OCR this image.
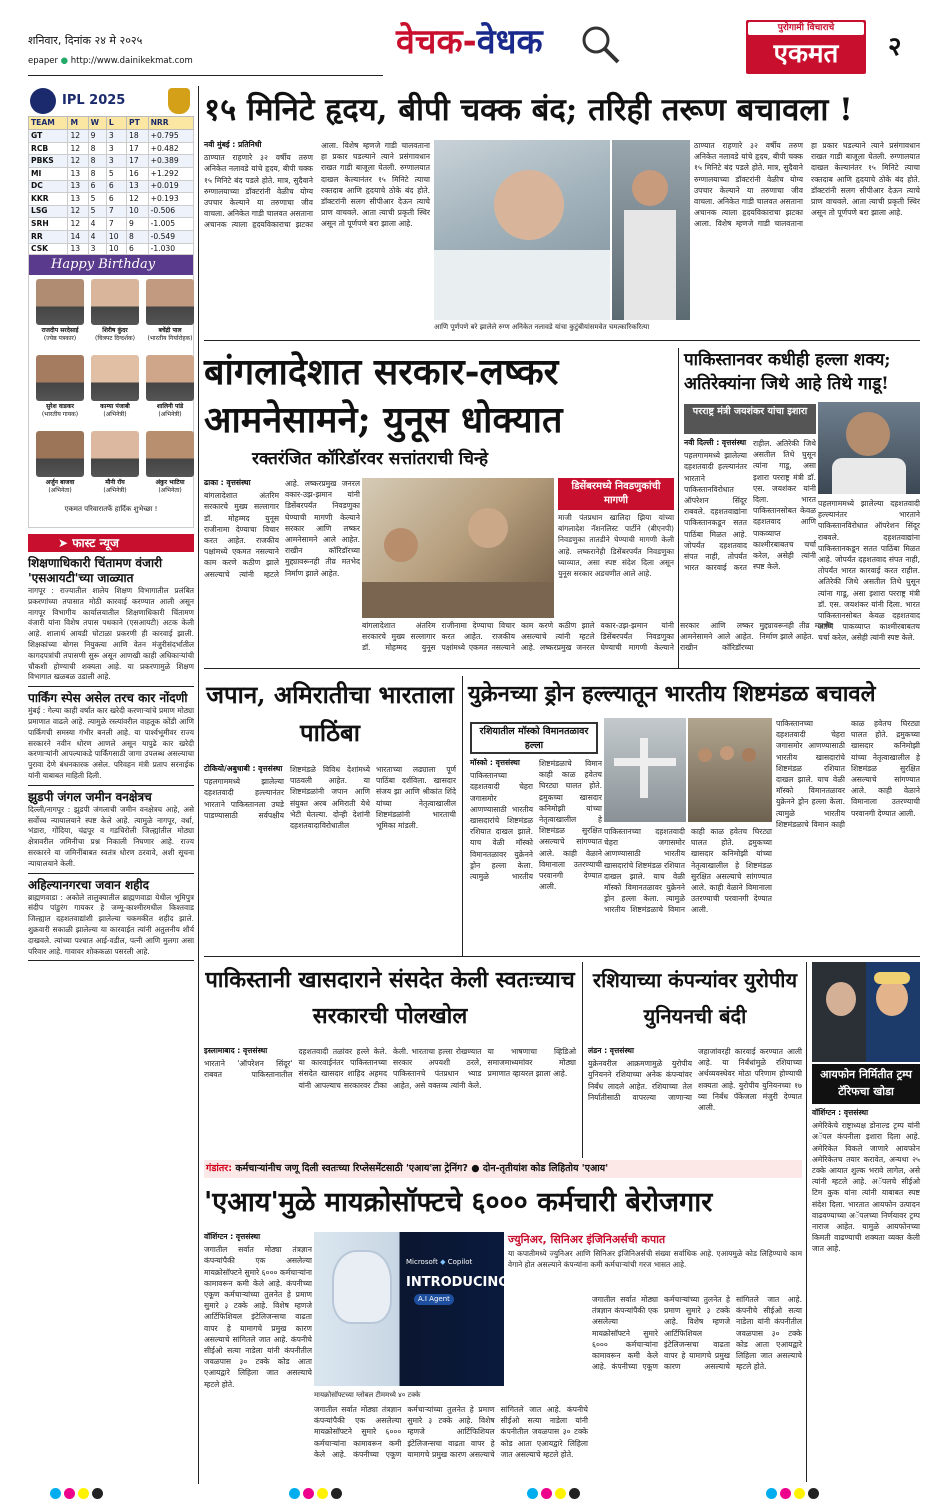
शनिवार, दिनांक २४ मे २०२५	वेचक-वेधक	पुरोगामी विचाराचे
एकमत	२
epaper ● http://www.dainikekmat.com
IPL 2025
TEAM	M	W	L	PT	NRR
GT	12	9	3	18	+0.795
RCB	12	8	3	17	+0.482
PBKS	12	8	3	17	+0.389
MI	13	8	5	16	+1.292
DC	13	6	6	13	+0.019
KKR	13	5	6	12	+0.193
LSG	12	5	7	10	-0.506
SRH	12	4	7	9	-1.005
RR	14	4	10	8	-0.549
CSK	13	3	10	6	-1.030
Happy Birthday
राजदीप सरदेसाई
(ज्येष्ठ पत्रकार)
शिरीष कुंदर
(चित्रपट दिग्दर्शक)
बचेंद्री पाल
(भारतीय गिर्यारोहक)
सुरेश वाडकर
(भारतीय गायक)
काम्या पंजाबी
(अभिनेत्री)
शालिनी पांडे
(अभिनेत्री)
अर्जुन बाजवा
(अभिनेता)
मौनी रॉय
(अभिनेत्री)
अंकुर भाटिया
(अभिनेता)
एकमत परिवारातर्फे हार्दिक शुभेच्छा !
➤ फास्ट न्यूज
शिक्षणाधिकारी चिंतामण वंजारी 'एसआयटी'च्या जाळ्यात
नागपूर : राज्यातील शालेय शिक्षण विभागातील प्रलंबित प्रकरणांच्या तपासात मोठी कारवाई करण्यात आली असून नागपूर विभागीय कार्यालयातील शिक्षणाधिकारी चिंतामण वंजारी यांना विशेष तपास पथकाने (एसआयटी) अटक केली आहे. शालार्थ आयडी घोटाळा प्रकरणी ही कारवाई झाली. शिक्षकांच्या बोगस नियुक्त्या आणि वेतन मंजुरीसंदर्भातील कागदपत्रांची तपासणी सुरू असून आणखी काही अधिकाऱ्यांची चौकशी होण्याची शक्यता आहे. या प्रकरणामुळे शिक्षण विभागात खळबळ उडाली आहे.
पार्किंग स्पेस असेल तरच कार नोंदणी
मुंबई : गेल्या काही वर्षांत कार खरेदी करणाऱ्यांचे प्रमाण मोठ्या प्रमाणात वाढले आहे. त्यामुळे रस्त्यांवरील वाहतूक कोंडी आणि पार्किंगची समस्या गंभीर बनली आहे. या पार्श्वभूमीवर राज्य सरकारने नवीन धोरण आणले असून यापुढे कार खरेदी करणाऱ्यांनी आपल्याकडे पार्किंगसाठी जागा उपलब्ध असल्याचा पुरावा देणे बंधनकारक असेल. परिवहन मंत्री प्रताप सरनाईक यांनी याबाबत माहिती दिली.
झुडपी जंगल जमीन वनक्षेत्रच
दिल्ली/नागपूर : झुडपी जंगलाची जमीन वनक्षेत्रच आहे, असे सर्वोच्च न्यायालयाने स्पष्ट केले आहे. त्यामुळे नागपूर, वर्धा, भंडारा, गोंदिया, चंद्रपूर व गडचिरोली जिल्ह्यांतील मोठ्या क्षेत्रावरील जमिनीचा प्रश्न निकाली निघणार आहे. राज्य सरकारने या जमिनींबाबत स्वतंत्र धोरण ठरवावे, अशी सूचना न्यायालयाने केली.
अहिल्यानगरचा जवान शहीद
ब्राह्मणवाडा : अकोले तालुक्यातील ब्राह्मणवाडा येथील भूमिपुत्र संदीप पांडुरंग गायकर हे जम्मू-काश्मीरमधील किश्तवाड जिल्ह्यात दहशतवाद्यांशी झालेल्या चकमकीत शहीद झाले. शुक्रवारी सकाळी झालेल्या या कारवाईत त्यांनी अतुलनीय शौर्य दाखवले. त्यांच्या पश्चात आई-वडील, पत्नी आणि मुलगा असा परिवार आहे. गावावर शोककळा पसरली आहे.
१५ मिनिटे हृदय, बीपी चक्क बंद; तरिही तरूण बचावला !
नवी मुंबई : प्रतिनिधी
ठाण्यात राहणारे ३२ वर्षीय तरुण अनिकेत नलावडे यांचे हृदय, बीपी चक्क १५ मिनिटे बंद पडले होते. मात्र, सुदैवाने रुग्णालयाच्या डॉक्टरांनी वेळीच योग्य उपचार केल्याने या तरुणाचा जीव वाचला. अनिकेत गाडी चालवत असताना अचानक त्याला हृदयविकाराचा झटका आला. विशेष म्हणजे गाडी चालवताना हा प्रकार घडल्याने त्याने प्रसंगावधान राखत गाडी बाजूला घेतली. रुग्णालयात दाखल केल्यानंतर १५ मिनिटे त्याचा रक्तदाब आणि हृदयाचे ठोके बंद होते. डॉक्टरांनी सलग सीपीआर देऊन त्याचे प्राण वाचवले. आता त्याची प्रकृती स्थिर असून तो पूर्णपणे बरा झाला आहे.
आणि पूर्णपणे बरे झालेले रुग्ण अनिकेत नलावडे यांचा कुटुंबीयांसमवेत चमत्कारिकरित्या
ठाण्यात राहणारे ३२ वर्षीय तरुण अनिकेत नलावडे यांचे हृदय, बीपी चक्क १५ मिनिटे बंद पडले होते. मात्र, सुदैवाने रुग्णालयाच्या डॉक्टरांनी वेळीच योग्य उपचार केल्याने या तरुणाचा जीव वाचला. अनिकेत गाडी चालवत असताना अचानक त्याला हृदयविकाराचा झटका आला. विशेष म्हणजे गाडी चालवताना हा प्रकार घडल्याने त्याने प्रसंगावधान राखत गाडी बाजूला घेतली. रुग्णालयात दाखल केल्यानंतर १५ मिनिटे त्याचा रक्तदाब आणि हृदयाचे ठोके बंद होते. डॉक्टरांनी सलग सीपीआर देऊन त्याचे प्राण वाचवले. आता त्याची प्रकृती स्थिर असून तो पूर्णपणे बरा झाला आहे.
बांगलादेशात सरकार-लष्कर आमनेसामने; युनूस धोक्यात
रक्तरंजित कॉरिडॉरवर सत्तांतराची चिन्हे
ढाका : वृत्तसंस्था
बांगलादेशात अंतरिम सरकारचे मुख्य सल्लागार डॉ. मोहम्मद युनूस राजीनामा देण्याचा विचार करत आहेत. राजकीय पक्षांमध्ये एकमत नसल्याने काम करणे कठीण झाले असल्याचे त्यांनी म्हटले आहे. लष्करप्रमुख जनरल वकार-उझ-झमान यांनी डिसेंबरपर्यंत निवडणुका घेण्याची मागणी केल्याने सरकार आणि लष्कर आमनेसामने आले आहेत. राखीन कॉरिडॉरच्या मुद्द्यावरूनही तीव्र मतभेद निर्माण झाले आहेत.
बांगलादेशात अंतरिम सरकारचे मुख्य सल्लागार डॉ. मोहम्मद युनूस राजीनामा देण्याचा विचार करत आहेत. राजकीय पक्षांमध्ये एकमत नसल्याने काम करणे कठीण झाले असल्याचे त्यांनी म्हटले आहे. लष्करप्रमुख जनरल वकार-उझ-झमान यांनी डिसेंबरपर्यंत निवडणुका घेण्याची मागणी केल्याने सरकार आणि लष्कर आमनेसामने आले आहेत. राखीन कॉरिडॉरच्या मुद्द्यावरूनही तीव्र मतभेद निर्माण झाले आहेत.
डिसेंबरमध्ये निवडणुकांची मागणी
माजी पंतप्रधान खालिदा झिया यांच्या बांगलादेश नॅशनलिस्ट पार्टीने (बीएनपी) निवडणुका तातडीने घेण्याची मागणी केली आहे. लष्करानेही डिसेंबरपर्यंत निवडणुका घ्याव्यात, असा स्पष्ट संदेश दिला असून युनूस सरकार अडचणीत आले आहे.
पाकिस्तानवर कधीही हल्ला शक्य; अतिरेक्यांना जिथे आहे तिथे गाडू!
परराष्ट्र मंत्री जयशंकर यांचा इशारा
नवी दिल्ली : वृत्तसंस्था
पहलगाममध्ये झालेल्या दहशतवादी हल्ल्यानंतर भारताने पाकिस्तानविरोधात ऑपरेशन सिंदूर राबवले. दहशतवाद्यांना पाकिस्तानकडून सतत पाठिंबा मिळत आहे. जोपर्यंत दहशतवाद संपत नाही, तोपर्यंत भारत कारवाई करत राहील. अतिरेकी जिथे असतील तिथे घुसून त्यांना गाडू, असा इशारा परराष्ट्र मंत्री डॉ. एस. जयशंकर यांनी दिला. भारत पाकिस्तानसोबत केवळ दहशतवाद आणि पाकव्याप्त काश्मीरबाबतच चर्चा करेल, असेही त्यांनी स्पष्ट केले.
पहलगाममध्ये झालेल्या दहशतवादी हल्ल्यानंतर भारताने पाकिस्तानविरोधात ऑपरेशन सिंदूर राबवले. दहशतवाद्यांना पाकिस्तानकडून सतत पाठिंबा मिळत आहे. जोपर्यंत दहशतवाद संपत नाही, तोपर्यंत भारत कारवाई करत राहील. अतिरेकी जिथे असतील तिथे घुसून त्यांना गाडू, असा इशारा परराष्ट्र मंत्री डॉ. एस. जयशंकर यांनी दिला. भारत पाकिस्तानसोबत केवळ दहशतवाद आणि पाकव्याप्त काश्मीरबाबतच चर्चा करेल, असेही त्यांनी स्पष्ट केले.
जपान, अमिरातीचा भारताला पाठिंबा
टोकियो/अबुधाबी : वृत्तसंस्था
पहलगाममध्ये झालेल्या दहशतवादी हल्ल्यानंतर भारताने पाकिस्तानला उघडे पाडण्यासाठी सर्वपक्षीय शिष्टमंडळे विविध देशांमध्ये पाठवली आहेत. या शिष्टमंडळांनी जपान आणि संयुक्त अरब अमिराती येथे भेटी घेतल्या. दोन्ही देशांनी दहशतवादाविरोधातील भारताच्या लढ्याला पूर्ण पाठिंबा दर्शविला. खासदार संजय झा आणि श्रीकांत शिंदे यांच्या नेतृत्वाखालील शिष्टमंडळांनी भारताची भूमिका मांडली.
युक्रेनच्या ड्रोन हल्ल्यातून भारतीय शिष्टमंडळ बचावले
रशियातील मॉस्को विमानतळावर हल्ला
मॉस्को : वृत्तसंस्था
पाकिस्तानच्या दहशतवादी चेहरा जगासमोर आणण्यासाठी भारतीय खासदारांचे शिष्टमंडळ रशियात दाखल झाले. याच वेळी मॉस्को विमानतळावर युक्रेनने ड्रोन हल्ला केला. त्यामुळे भारतीय शिष्टमंडळाचे विमान काही काळ हवेतच घिरट्या घालत होते. द्रमुकच्या खासदार कनिमोझी यांच्या नेतृत्वाखालील हे शिष्टमंडळ सुरक्षित असल्याचे सांगण्यात आले. काही वेळाने विमानाला उतरण्याची परवानगी देण्यात आली.
पाकिस्तानच्या दहशतवादी चेहरा जगासमोर आणण्यासाठी भारतीय खासदारांचे शिष्टमंडळ रशियात दाखल झाले. याच वेळी मॉस्को विमानतळावर युक्रेनने ड्रोन हल्ला केला. त्यामुळे भारतीय शिष्टमंडळाचे विमान काही काळ हवेतच घिरट्या घालत होते. द्रमुकच्या खासदार कनिमोझी यांच्या नेतृत्वाखालील हे शिष्टमंडळ सुरक्षित असल्याचे सांगण्यात आले. काही वेळाने विमानाला उतरण्याची परवानगी देण्यात आली.
पाकिस्तानच्या दहशतवादी चेहरा जगासमोर आणण्यासाठी भारतीय खासदारांचे शिष्टमंडळ रशियात दाखल झाले. याच वेळी मॉस्को विमानतळावर युक्रेनने ड्रोन हल्ला केला. त्यामुळे भारतीय शिष्टमंडळाचे विमान काही काळ हवेतच घिरट्या घालत होते. द्रमुकच्या खासदार कनिमोझी यांच्या नेतृत्वाखालील हे शिष्टमंडळ सुरक्षित असल्याचे सांगण्यात आले. काही वेळाने विमानाला उतरण्याची परवानगी देण्यात आली.
पाकिस्तानी खासदाराने संसदेत केली स्वतःच्याच सरकारची पोलखोल
इस्लामाबाद : वृत्तसंस्था
भारताने 'ऑपरेशन सिंदूर' राबवत पाकिस्तानातील दहशतवादी तळांवर हल्ले केले. या कारवाईनंतर पाकिस्तानच्या संसदेत खासदार शाहिद अहमद यांनी आपल्याच सरकारवर टीका केली. भारताचा हल्ला रोखण्यात सरकार अपयशी ठरले, पाकिस्तानचे पंतप्रधान भ्याड आहेत, असे वक्तव्य त्यांनी केले. या भाषणाचा व्हिडिओ समाजमाध्यमांवर मोठ्या प्रमाणात व्हायरल झाला आहे.
रशियाच्या कंपन्यांवर युरोपीय युनियनची बंदी
लंडन : वृत्तसंस्था
युक्रेनवरील आक्रमणामुळे युरोपीय युनियनने रशियाच्या अनेक कंपन्यांवर निर्बंध लादले आहेत. रशियाच्या तेल निर्यातीसाठी वापरल्या जाणाऱ्या जहाजांवरही कारवाई करण्यात आली आहे. या निर्बंधांमुळे रशियाच्या अर्थव्यवस्थेवर मोठा परिणाम होण्याची शक्यता आहे. युरोपीय युनियनच्या १७ व्या निर्बंध पॅकेजला मंजुरी देण्यात आली.
आयफोन निर्मितीत ट्रम्प टॅरिफचा खोडा
वॉशिंग्टन : वृत्तसंस्था
अमेरिकेचे राष्ट्राध्यक्ष डोनाल्ड ट्रम्प यांनी अॅपल कंपनीला इशारा दिला आहे. अमेरिकेत विकले जाणारे आयफोन अमेरिकेतच तयार करावेत, अन्यथा २५ टक्के आयात शुल्क भरावे लागेल, असे त्यांनी म्हटले आहे. अॅपलचे सीईओ टिम कुक यांना त्यांनी याबाबत स्पष्ट संदेश दिला. भारतात आयफोन उत्पादन वाढवण्याच्या अॅपलच्या निर्णयावर ट्रम्प नाराज आहेत. यामुळे आयफोनच्या किमती वाढण्याची शक्यता व्यक्त केली जात आहे.
गंडांतर: कर्मचाऱ्यांनीच जणू दिली स्वतःच्या रिप्लेसमेंटसाठी 'एआय'ला ट्रेनिंग? ● दोन-तृतीयांश कोड लिहितोय 'एआय'
'एआय'मुळे मायक्रोसॉफ्टचे ६००० कर्मचारी बेरोजगार
वॉशिंग्टन : वृत्तसंस्था
जगातील सर्वात मोठ्या तंत्रज्ञान कंपन्यांपैकी एक असलेल्या मायक्रोसॉफ्टने सुमारे ६००० कर्मचाऱ्यांना कामावरून कमी केले आहे. कंपनीच्या एकूण कर्मचाऱ्यांच्या तुलनेत हे प्रमाण सुमारे ३ टक्के आहे. विशेष म्हणजे आर्टिफिशियल इंटेलिजन्सचा वाढता वापर हे यामागचे प्रमुख कारण असल्याचे सांगितले जात आहे. कंपनीचे सीईओ सत्या नाडेला यांनी कंपनीतील जवळपास ३० टक्के कोड आता एआयद्वारे लिहिला जात असल्याचे म्हटले होते.
Microsoft ◆ Copilot
INTRODUCING
A.I Agent
मायक्रोसॉफ्टच्या ग्लोबल टीममध्ये ४० टक्के
जगातील सर्वात मोठ्या तंत्रज्ञान कंपन्यांपैकी एक असलेल्या मायक्रोसॉफ्टने सुमारे ६००० कर्मचाऱ्यांना कामावरून कमी केले आहे. कंपनीच्या एकूण कर्मचाऱ्यांच्या तुलनेत हे प्रमाण सुमारे ३ टक्के आहे. विशेष म्हणजे आर्टिफिशियल इंटेलिजन्सचा वाढता वापर हे यामागचे प्रमुख कारण असल्याचे सांगितले जात आहे. कंपनीचे सीईओ सत्या नाडेला यांनी कंपनीतील जवळपास ३० टक्के कोड आता एआयद्वारे लिहिला जात असल्याचे म्हटले होते.
ज्युनिअर, सिनिअर इंजिनिअर्सची कपात
या कपातीमध्ये ज्युनिअर आणि सिनिअर इंजिनिअर्सची संख्या सर्वाधिक आहे. एआयमुळे कोड लिहिण्याचे काम वेगाने होत असल्याने कंपन्यांना कमी कर्मचाऱ्यांची गरज भासत आहे.
जगातील सर्वात मोठ्या तंत्रज्ञान कंपन्यांपैकी एक असलेल्या मायक्रोसॉफ्टने सुमारे ६००० कर्मचाऱ्यांना कामावरून कमी केले आहे. कंपनीच्या एकूण कर्मचाऱ्यांच्या तुलनेत हे प्रमाण सुमारे ३ टक्के आहे. विशेष म्हणजे आर्टिफिशियल इंटेलिजन्सचा वाढता वापर हे यामागचे प्रमुख कारण असल्याचे सांगितले जात आहे. कंपनीचे सीईओ सत्या नाडेला यांनी कंपनीतील जवळपास ३० टक्के कोड आता एआयद्वारे लिहिला जात असल्याचे म्हटले होते.
